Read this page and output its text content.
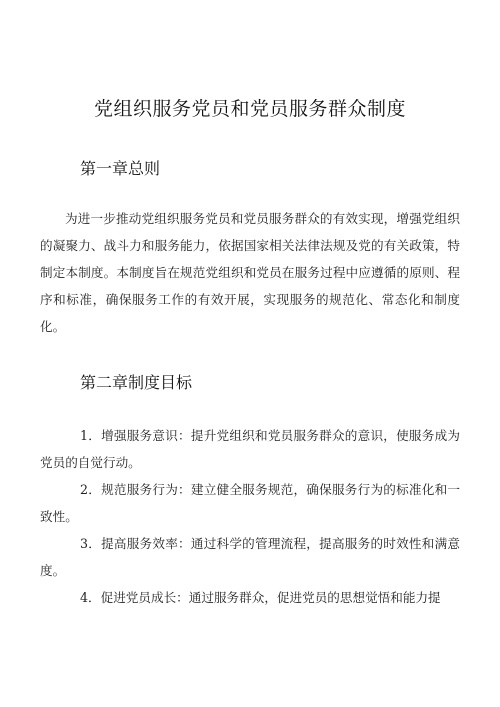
党组织服务党员和党员服务群众制度
第一章总则

为进一步推动党组织服务党员和党员服务群众的有效实现，增强党组织的凝聚力、战斗力和服务能力，依据国家相关法律法规及党的有关政策，特制定本制度。本制度旨在规范党组织和党员在服务过程中应遵循的原则、程序和标准，确保服务工作的有效开展，实现服务的规范化、常态化和制度化。

第二章制度目标
1．增强服务意识：提升党组织和党员服务群众的意识，使服务成为党员的自觉行动。
2．规范服务行为：建立健全服务规范，确保服务行为的标准化和一致性。
3．提高服务效率：通过科学的管理流程，提高服务的时效性和满意度。
4．促进党员成长：通过服务群众，促进党员的思想觉悟和能力提
